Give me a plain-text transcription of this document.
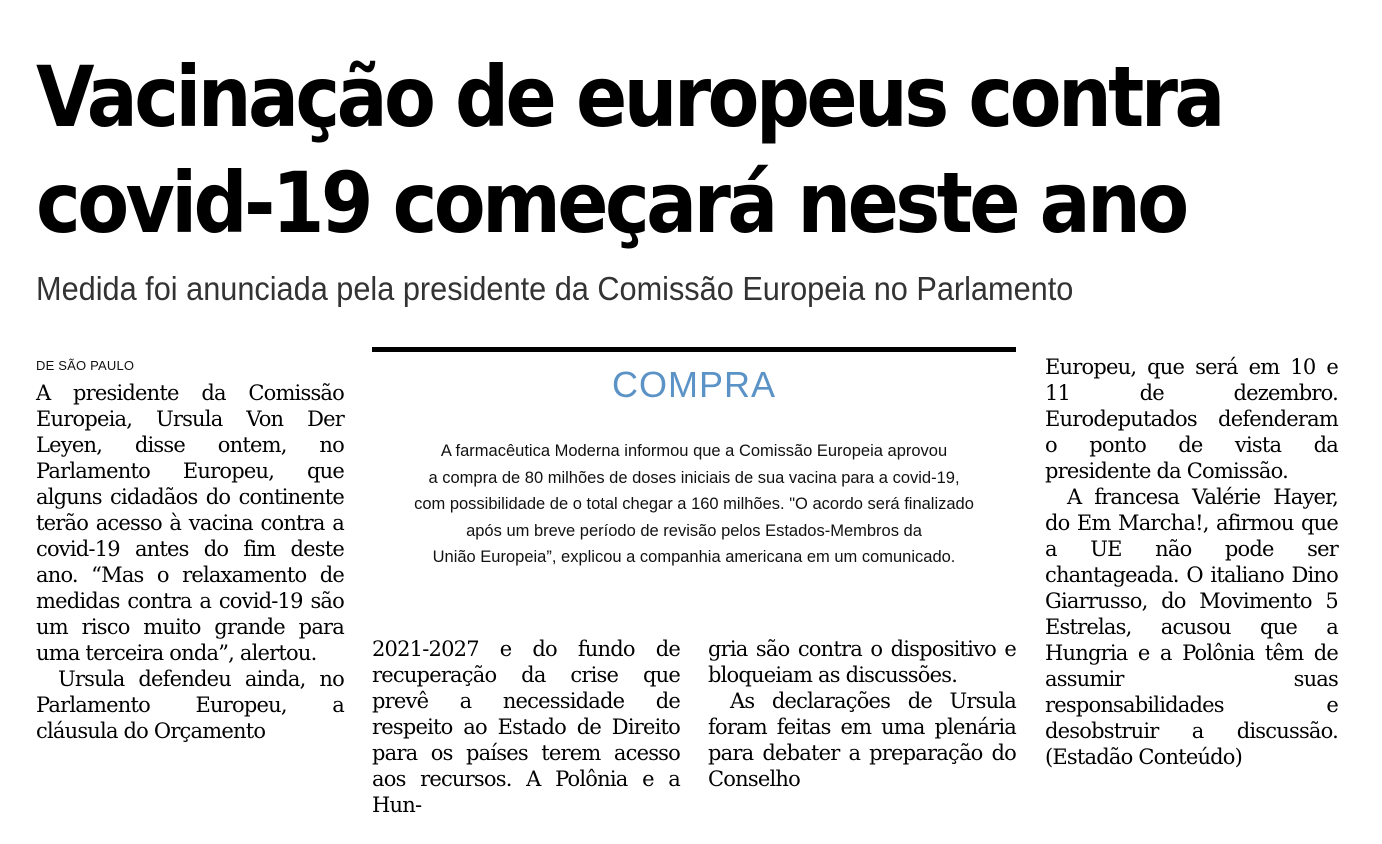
Vacinação de europeus contra
covid-19 começará neste ano

Medida foi anunciada pela presidente da Comissão Europeia no Parlamento

DE SÃO PAULO

A presidente da Comissão Europeia, Ursula Von Der Leyen, disse ontem, no Parlamento Europeu, que alguns cidadãos do continente terão acesso à vacina contra a covid-19 antes do fim deste ano. “Mas o relaxamento de medidas contra a covid-19 são um risco muito grande para uma terceira onda”, alertou.

Ursula defendeu ainda, no Parlamento Europeu, a cláusula do Orçamento

COMPRA

A farmacêutica Moderna informou que a Comissão Europeia aprovou
a compra de 80 milhões de doses iniciais de sua vacina para a covid-19,
com possibilidade de o total chegar a 160 milhões. "O acordo será finalizado
após um breve período de revisão pelos Estados-Membros da
União Europeia”, explicou a companhia americana em um comunicado.

2021-2027 e do fundo de recuperação da crise que prevê a necessidade de respeito ao Estado de Direito para os países terem acesso aos recursos. A Polônia e a Hun-

gria são contra o dispositivo e bloqueiam as discussões.

As declarações de Ursula foram feitas em uma plenária para debater a preparação do Conselho

Europeu, que será em 10 e 11 de dezembro. Eurodeputados defenderam o ponto de vista da presidente da Comissão.

A francesa Valérie Hayer, do Em Marcha!, afirmou que a UE não pode ser chantageada. O italiano Dino Giarrusso, do Movimento 5 Estrelas, acusou que a Hungria e a Polônia têm de assumir suas responsabilidades e desobstruir a discussão. (Estadão Conteúdo)
